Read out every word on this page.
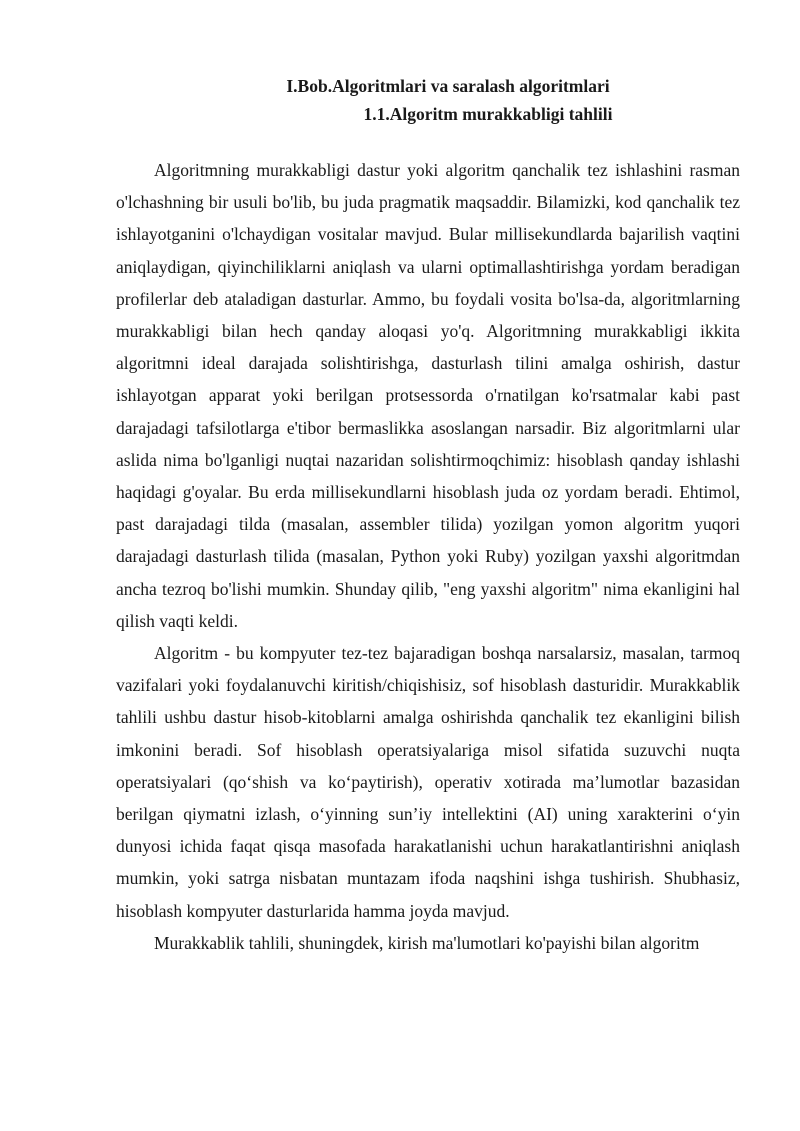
I.Bob.Algoritmlari va saralash algoritmlari
1.1.Algoritm murakkabligi tahlili

Algoritmning murakkabligi dastur yoki algoritm qanchalik tez ishlashini rasman o'lchashning bir usuli bo'lib, bu juda pragmatik maqsaddir. Bilamizki, kod qanchalik tez ishlayotganini o'lchaydigan vositalar mavjud. Bular millisekundlarda bajarilish vaqtini aniqlaydigan, qiyinchiliklarni aniqlash va ularni optimallashtirishga yordam beradigan profilerlar deb ataladigan dasturlar. Ammo, bu foydali vosita bo'lsa-da, algoritmlarning murakkabligi bilan hech qanday aloqasi yo'q. Algoritmning murakkabligi ikkita algoritmni ideal darajada solishtirishga, dasturlash tilini amalga oshirish, dastur ishlayotgan apparat yoki berilgan protsessorda o'rnatilgan ko'rsatmalar kabi past darajadagi tafsilotlarga e'tibor bermaslikka asoslangan narsadir. Biz algoritmlarni ular aslida nima bo'lganligi nuqtai nazaridan solishtirmoqchimiz: hisoblash qanday ishlashi haqidagi g'oyalar. Bu erda millisekundlarni hisoblash juda oz yordam beradi. Ehtimol, past darajadagi tilda (masalan, assembler tilida) yozilgan yomon algoritm yuqori darajadagi dasturlash tilida (masalan, Python yoki Ruby) yozilgan yaxshi algoritmdan ancha tezroq bo'lishi mumkin. Shunday qilib, "eng yaxshi algoritm" nima ekanligini hal qilish vaqti keldi.

Algoritm - bu kompyuter tez-tez bajaradigan boshqa narsalarsiz, masalan, tarmoq vazifalari yoki foydalanuvchi kiritish/chiqishisiz, sof hisoblash dasturidir. Murakkablik tahlili ushbu dastur hisob-kitoblarni amalga oshirishda qanchalik tez ekanligini bilish imkonini beradi. Sof hisoblash operatsiyalariga misol sifatida suzuvchi nuqta operatsiyalari (qo‘shish va ko‘paytirish), operativ xotirada ma’lumotlar bazasidan berilgan qiymatni izlash, o‘yinning sun’iy intellektini (AI) uning xarakterini o‘yin dunyosi ichida faqat qisqa masofada harakatlanishi uchun harakatlantirishni aniqlash mumkin, yoki satrga nisbatan muntazam ifoda naqshini ishga tushirish. Shubhasiz, hisoblash kompyuter dasturlarida hamma joyda mavjud.

Murakkablik tahlili, shuningdek, kirish ma'lumotlari ko'payishi bilan algoritm
